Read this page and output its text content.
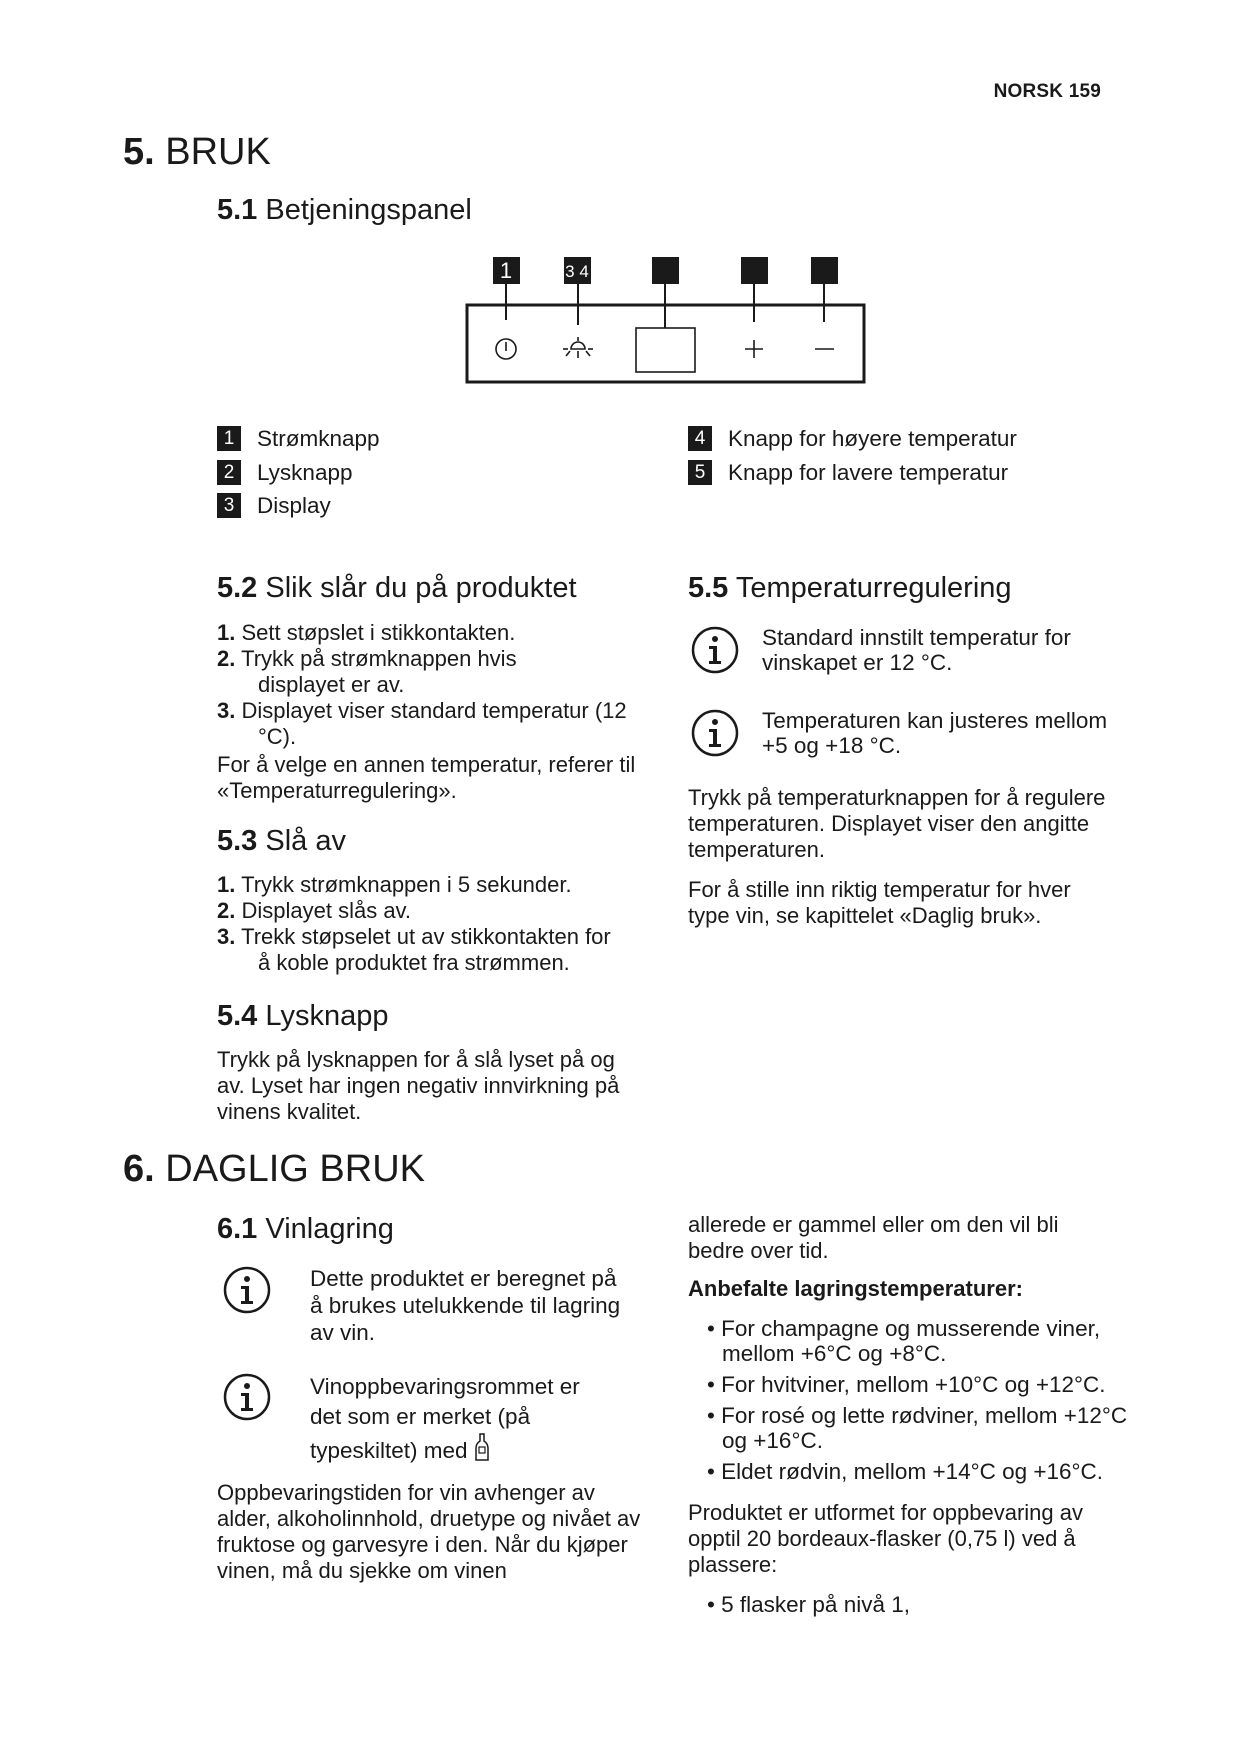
NORSK 159
5. BRUK
5.1 Betjeningspanel
1	3 4
1 Strømknapp
2 Lysknapp
3 Display
4 Knapp for høyere temperatur
5 Knapp for lavere temperatur
5.2 Slik slår du på produktet
1. Sett støpslet i stikkontakten.
2. Trykk på strømknappen hvis displayet er av.
3. Displayet viser standard temperatur (12 °C).

For å velge en annen temperatur, referer til «Temperaturregulering».

5.3 Slå av
1. Trykk strømknappen i 5 sekunder.
2. Displayet slås av.
3. Trekk støpselet ut av stikkontakten for å koble produktet fra strømmen.
5.4 Lysknapp

Trykk på lysknappen for å slå lyset på og av. Lyset har ingen negativ innvirkning på vinens kvalitet.

5.5 Temperaturregulering
Standard innstilt temperatur for vinskapet er 12 °C.
Temperaturen kan justeres mellom +5 og +18 °C.

Trykk på temperaturknappen for å regulere temperaturen. Displayet viser den angitte temperaturen.

For å stille inn riktig temperatur for hver type vin, se kapittelet «Daglig bruk».

6. DAGLIG BRUK
6.1 Vinlagring
Dette produktet er beregnet på å brukes utelukkende til lagring av vin.
Vinoppbevaringsrommet er det som er merket (på typeskiltet) med

Oppbevaringstiden for vin avhenger av alder, alkoholinnhold, druetype og nivået av fruktose og garvesyre i den. Når du kjøper vinen, må du sjekke om vinen

allerede er gammel eller om den vil bli bedre over tid.

Anbefalte lagringstemperaturer:

• For champagne og musserende viner, mellom +6°C og +8°C.
• For hvitviner, mellom +10°C og +12°C.
• For rosé og lette rødviner, mellom +12°C og +16°C.
• Eldet rødvin, mellom +14°C og +16°C.

Produktet er utformet for oppbevaring av opptil 20 bordeaux-flasker (0,75 l) ved å plassere:

• 5 flasker på nivå 1,
